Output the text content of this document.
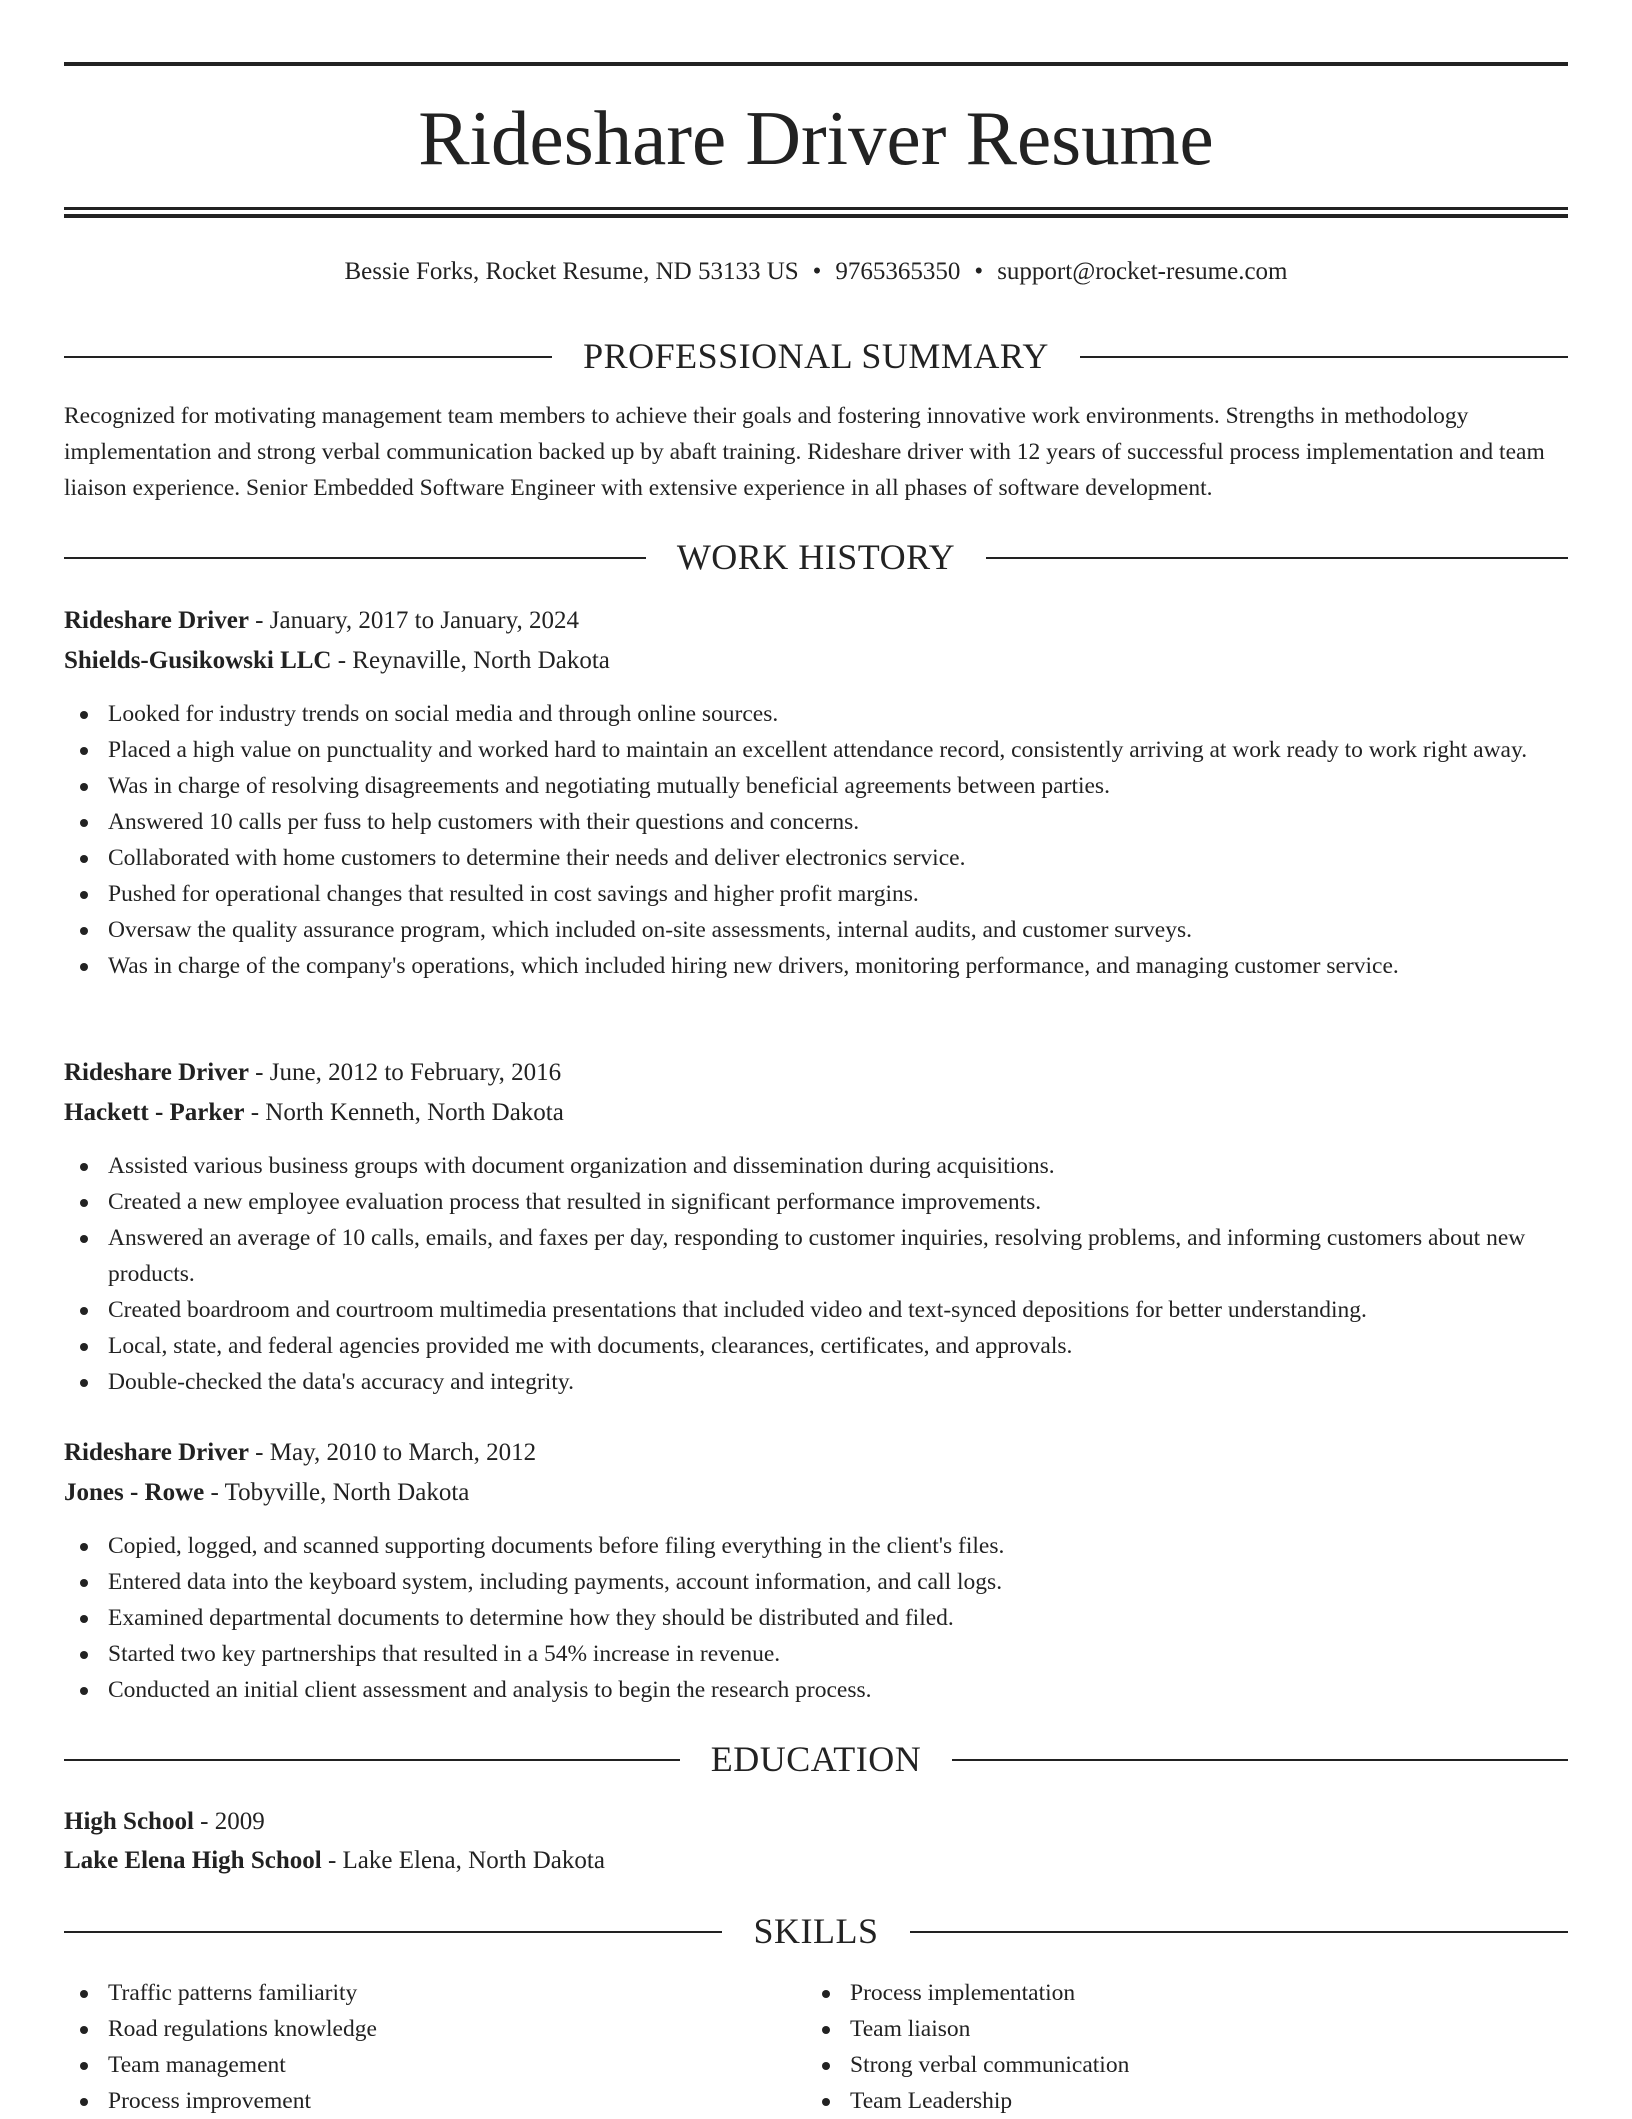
Rideshare Driver Resume
Bessie Forks, Rocket Resume, ND 53133 US • 9765365350 • support@rocket-resume.com
PROFESSIONAL SUMMARY

Recognized for motivating management team members to achieve their goals and fostering innovative work environments. Strengths in methodology implementation and strong verbal communication backed up by abaft training. Rideshare driver with 12 years of successful process implementation and team liaison experience. Senior Embedded Software Engineer with extensive experience in all phases of software development.

WORK HISTORY
Rideshare Driver - January, 2017 to January, 2024
Shields-Gusikowski LLC - Reynaville, North Dakota
Looked for industry trends on social media and through online sources.
Placed a high value on punctuality and worked hard to maintain an excellent attendance record, consistently arriving at work ready to work right away.
Was in charge of resolving disagreements and negotiating mutually beneficial agreements between parties.
Answered 10 calls per fuss to help customers with their questions and concerns.
Collaborated with home customers to determine their needs and deliver electronics service.
Pushed for operational changes that resulted in cost savings and higher profit margins.
Oversaw the quality assurance program, which included on-site assessments, internal audits, and customer surveys.
Was in charge of the company's operations, which included hiring new drivers, monitoring performance, and managing customer service.
Rideshare Driver - June, 2012 to February, 2016
Hackett - Parker - North Kenneth, North Dakota
Assisted various business groups with document organization and dissemination during acquisitions.
Created a new employee evaluation process that resulted in significant performance improvements.
Answered an average of 10 calls, emails, and faxes per day, responding to customer inquiries, resolving problems, and informing customers about new products.
Created boardroom and courtroom multimedia presentations that included video and text-synced depositions for better understanding.
Local, state, and federal agencies provided me with documents, clearances, certificates, and approvals.
Double-checked the data's accuracy and integrity.
Rideshare Driver - May, 2010 to March, 2012
Jones - Rowe - Tobyville, North Dakota
Copied, logged, and scanned supporting documents before filing everything in the client's files.
Entered data into the keyboard system, including payments, account information, and call logs.
Examined departmental documents to determine how they should be distributed and filed.
Started two key partnerships that resulted in a 54% increase in revenue.
Conducted an initial client assessment and analysis to begin the research process.
EDUCATION
High School - 2009
Lake Elena High School - Lake Elena, North Dakota
SKILLS
Traffic patterns familiarity
Road regulations knowledge
Team management
Process improvement
Process implementation
Team liaison
Strong verbal communication
Team Leadership
